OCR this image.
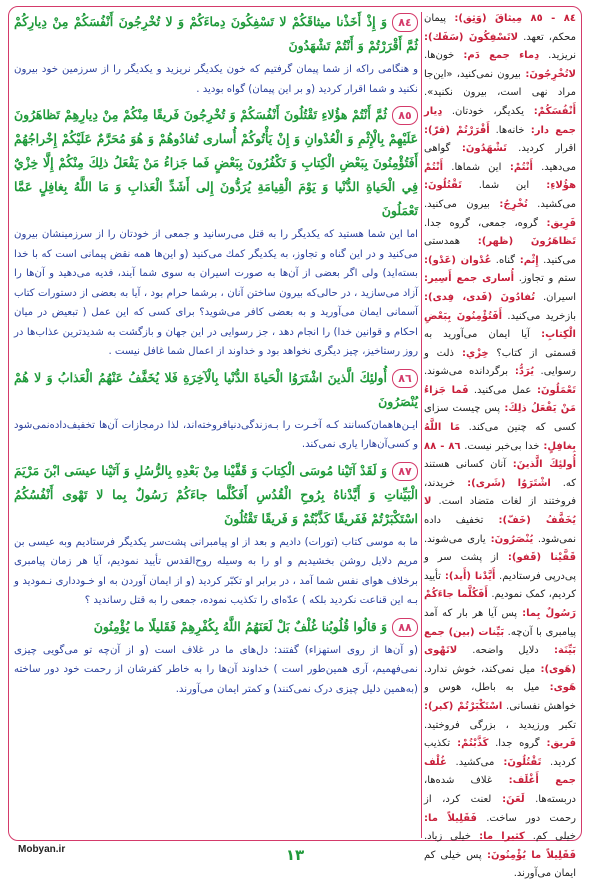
٨٤وَ إِذْ أَخَذْنا ميثاقَكُمْ لا تَسْفِكُونَ دِماءَكُمْ وَ لا تُخْرِجُونَ أَنْفُسَكُمْ مِنْ دِيارِكُمْ ثُمَّ أَقْرَرْتُمْ وَ أَنْتُمْ تَشْهَدُونَ

و هنگامی راكه از شما پیمان گرفتیم كه خون یكدیگر نریزید و یكدیگر را از سرزمین خود بیرون نكنید و شما اقرار كردید (و بر این پیمان) گواه بودید .

٨٥ثُمَّ أَنْتُمْ هؤُلاءِ تَقْتُلُونَ أَنْفُسَكُمْ وَ تُخْرِجُونَ فَريقًا مِنْكُمْ مِنْ دِيارِهِمْ تَظاهَرُونَ عَلَيْهِمْ بِالْإِثْمِ وَ الْعُدْوانِ وَ إِنْ يَأْتُوكُمْ أُسارى تُفادُوهُمْ وَ هُوَ مُحَرَّمٌ عَلَيْكُمْ إِخْراجُهُمْ أَفَتُؤْمِنُونَ بِبَعْضِ الْكِتابِ وَ تَكْفُرُونَ بِبَعْضٍ فَما جَزاءُ مَنْ يَفْعَلُ ذلِكَ مِنْكُمْ إِلَّا خِزْيٌ فِي الْحَياةِ الدُّنْيا وَ يَوْمَ الْقِيامَةِ يُرَدُّونَ إِلى أَشَدِّ الْعَذابِ وَ مَا اللَّهُ بِغافِلٍ عَمَّا تَعْمَلُونَ

اما این شما هستید كه یكدیگر را به قتل می‌رسانید و جمعی از خودتان را از سرزمینشان بیرون می‌كنید و در این گناه و تجاوز، به یكدیگر كمك می‌كنید (و این‌ها همه نقض پیمانی است كه با خدا بسته‌اید) ولی اگر بعضی از آن‌ها به صورت اسیران به سوی شما آیند، فدیه می‌دهید و آن‌ها را آزاد می‌سازید ، در حالی‌كه بیرون ساختن آنان ، برشما حرام بود ، آیا به بعضی از دستورات كتاب آسمانی ایمان می‌آورید و به بعضی كافر می‌شوید؟ برای كسی كه این عمل ( تبعیض در میان احكام و قوانین خدا) را انجام دهد ، جز رسوایی در این جهان و بازگشت به شدیدترین عذاب‌ها در روز رستاخیز، چیز دیگری نخواهد بود و خداوند از اعمال شما غافل نیست .

٨٦أُولئِكَ الَّذينَ اشْتَرَوُا الْحَياةَ الدُّنْيا بِالْآخِرَةِ فَلا يُخَفَّفُ عَنْهُمُ الْعَذابُ وَ لا هُمْ يُنْصَرُونَ

ایـن‌هاهمان‌كسانند كـه آخـرت را بـه‌زندگی‌دنیافروخته‌اند، لذا درمجازات آن‌ها تخفیف‌داده‌نمی‌شود و كسی‌آن‌ها‌را یاری نمی‌كند.

٨٧وَ لَقَدْ آتَيْنا مُوسَى الْكِتابَ وَ قَفَّيْنا مِنْ بَعْدِهِ بِالرُّسُلِ وَ آتَيْنا عيسَى ابْنَ مَرْيَمَ الْبَيِّناتِ وَ أَيَّدْناهُ بِرُوحِ الْقُدُسِ أَفَكُلَّما جاءَكُمْ رَسُولٌ بِما لا تَهْوى أَنْفُسُكُمُ اسْتَكْبَرْتُمْ فَفَريقًا كَذَّبْتُمْ وَ فَريقًا تَقْتُلُونَ

ما به موسی كتاب (تورات) دادیم و بعد از او پیامبرانی پشت‌سر یكدیگر فرستادیم وبه عیسی بن مریم دلایل روشن بخشیدیم و او را به وسیله روح‌القدس تأیید نمودیم، آیا هر زمان پیامبری برخلاف هوای نفس شما آمد ، در برابر او تكبّر كردید (و از ایمان آوردن به او خـودداری نـمودید و بـه این قناعت نكردید بلكه ) عدّه‌ای را تكذیب نموده، جمعی را به قتل رساندید ؟

٨٨وَ قالُوا قُلُوبُنا غُلْفٌ بَلْ لَعَنَهُمُ اللَّهُ بِكُفْرِهِمْ فَقَليلًا ما يُؤْمِنُونَ

(و آن‌ها از روی استهزاء) گفتند: دل‌های ما در غلاف است (و از آن‌چه تو می‌گویی چیزی نمی‌فهمیم، آری همین‌طور است ) خداوند آن‌ها را به خاطر كفرشان از رحمت خود دور ساخته (به‌همین دلیل چیزی درک نمی‌كنند) و كمتر ایمان می‌آورند.

٨٤ - ٨٥ مِيثاقَ (وَثِق): پیمان محكم، تعهد. لاتَسْفِكُونَ (سَفَك): نریزید. دِماء جمع دَم: خون‌ها. لاتُخْرِجُونَ: بیرون نمی‌كنید، «این‌جا مراد نهی است، بیرون نكنید». أَنْفُسَكُمْ: یكدیگر، خودتان. دِيار جمع دار: خانه‌ها. أَقْرَرْتُمْ (قرّ): اقرار كردید. تَشْهَدُونَ: گواهی می‌دهید. أَنْتُمْ: این شماها. أَنْتُمْ هؤُلاءِ: این شما. تَقْتُلُونَ: می‌كشید. تُخْرِجُ: بیرون می‌كنید. فَرِيق: گروه، جمعی، گروه جدا. تَظاهَرُونَ (ظهر): همدستی می‌كنید. إِثْم: گناه. عُدْوان (عَدْو): ستم و تجاوز. أُسارى جمع أَسِير: اسیران. تُفادُونَ (فَدى، فِدى): بازخرید می‌كنید. أَفَتُؤْمِنُونَ بِبَعْضِ الْكِتابِ: آیا ایمان می‌آورید به قسمتی از كتاب؟ خِزْي: ذلت و رسوایی. يُرَدُّ: برگردانده می‌شوند. تَعْمَلُونَ: عمل می‌كنید. فَما جَزاءُ مَنْ يَفْعَلُ ذلِكَ: پس چیست سزای كسی كه چنین می‌كند. مَا اللَّهُ بِغافِلٍ: خدا بی‌خبر نیست. ٨٦ - ٨٨ أُولئِكَ الَّذينَ: آنان كسانی هستند كه. اشْتَرَوُا (شَرى): خریدند، فروختند از لغات متضاد است. لا يُخَفَّفُ (خَفّ): تخفیف داده نمی‌شود. يُنْصَرُونَ: یاری می‌شوند. قَفَّيْنا (قَفو): از پشت سر و پی‌در‌پی فرستادیم. أَيَّدْنا (أَيد): تأیید كردیم، كمک نمودیم. أَفَكُلَّما جاءَكُمْ رَسُولٌ بِما: پس آیا هر بار كه آمد پیامبری با آن‌چه. بَيِّنات (بين) جمع بَيِّنَة: دلایل واضحه. لاتَهْوى (هَوى): میل نمی‌كند، خوش ندارد. هَوى: میل به باطل، هوس و خواهش نفسانی. اسْتَكْبَرْتُمْ (كبر): تكبر ورزیدید ، بزرگی فروختید. فَريق: گروه جدا. كَذَّبْتُمْ: تكذیب كردید. تَقْتُلُونَ: می‌كشید. غُلْف جمع أَغْلَف: غلاف شده‌ها، دربسته‌ها. لَعَنَ: لعنت كرد، از رحمت دور ساخت. فَقَلِيلاً ما: خیلی كم. كثيرا ما: خیلی زیاد. فَقَلِيلاً ما يُؤْمِنُونَ: پس خیلی كم ایمان می‌آورند.

Mobyan.ir	١٣
